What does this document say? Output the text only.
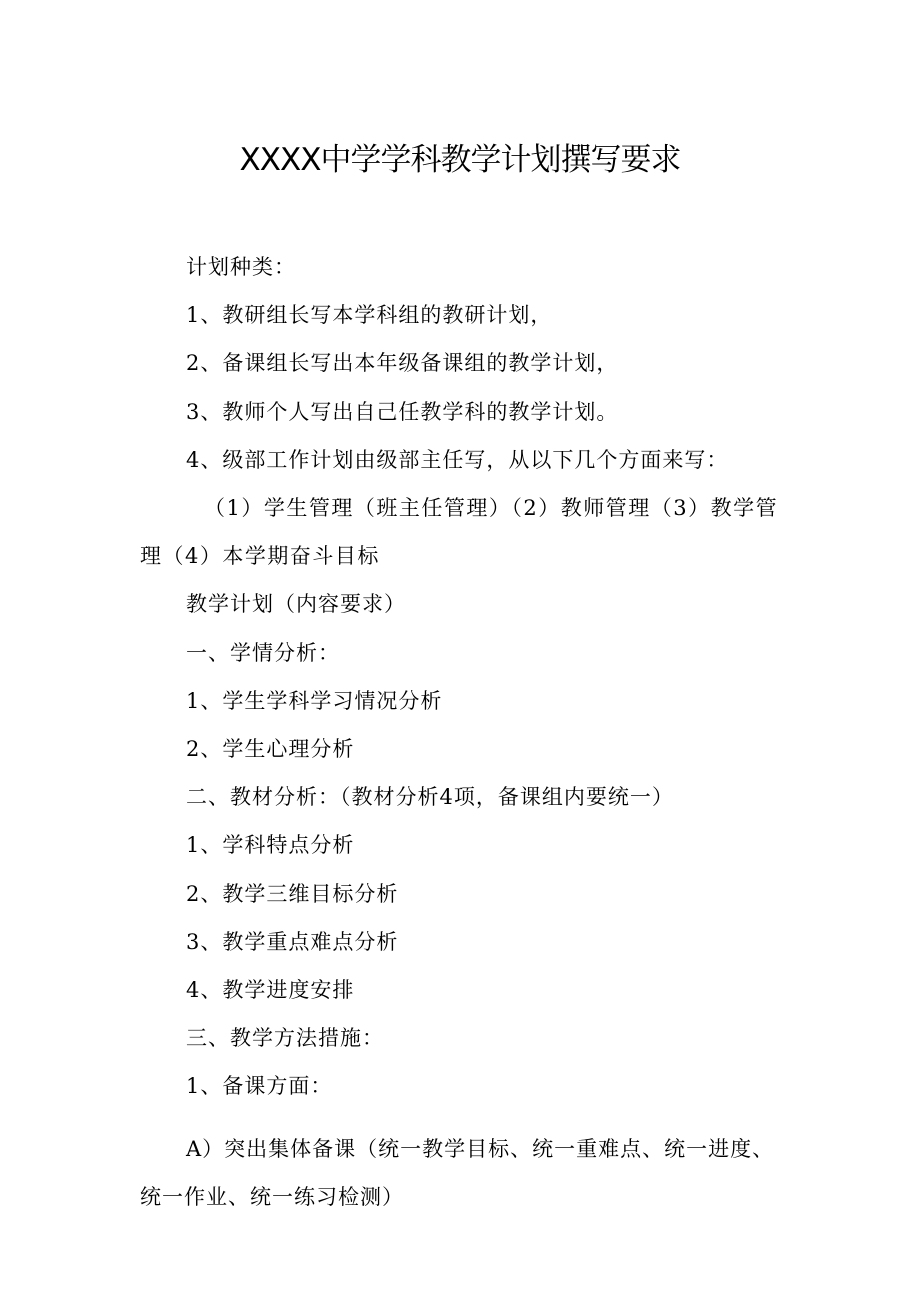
XXXX中学学科教学计划撰写要求

计划种类：

1、教研组长写本学科组的教研计划，

2、备课组长写出本年级备课组的教学计划，

3、教师个人写出自己任教学科的教学计划。

4、级部工作计划由级部主任写，从以下几个方面来写：

（1）学生管理（班主任管理）（2）教师管理（3）教学管理（4）本学期奋斗目标

教学计划（内容要求）

一、学情分析：

1、学生学科学习情况分析

2、学生心理分析

二、教材分析：（教材分析4项，备课组内要统一）

1、学科特点分析

2、教学三维目标分析

3、教学重点难点分析

4、教学进度安排

三、教学方法措施：

1、备课方面：

A）突出集体备课（统一教学目标、统一重难点、统一进度、统一作业、统一练习检测）
